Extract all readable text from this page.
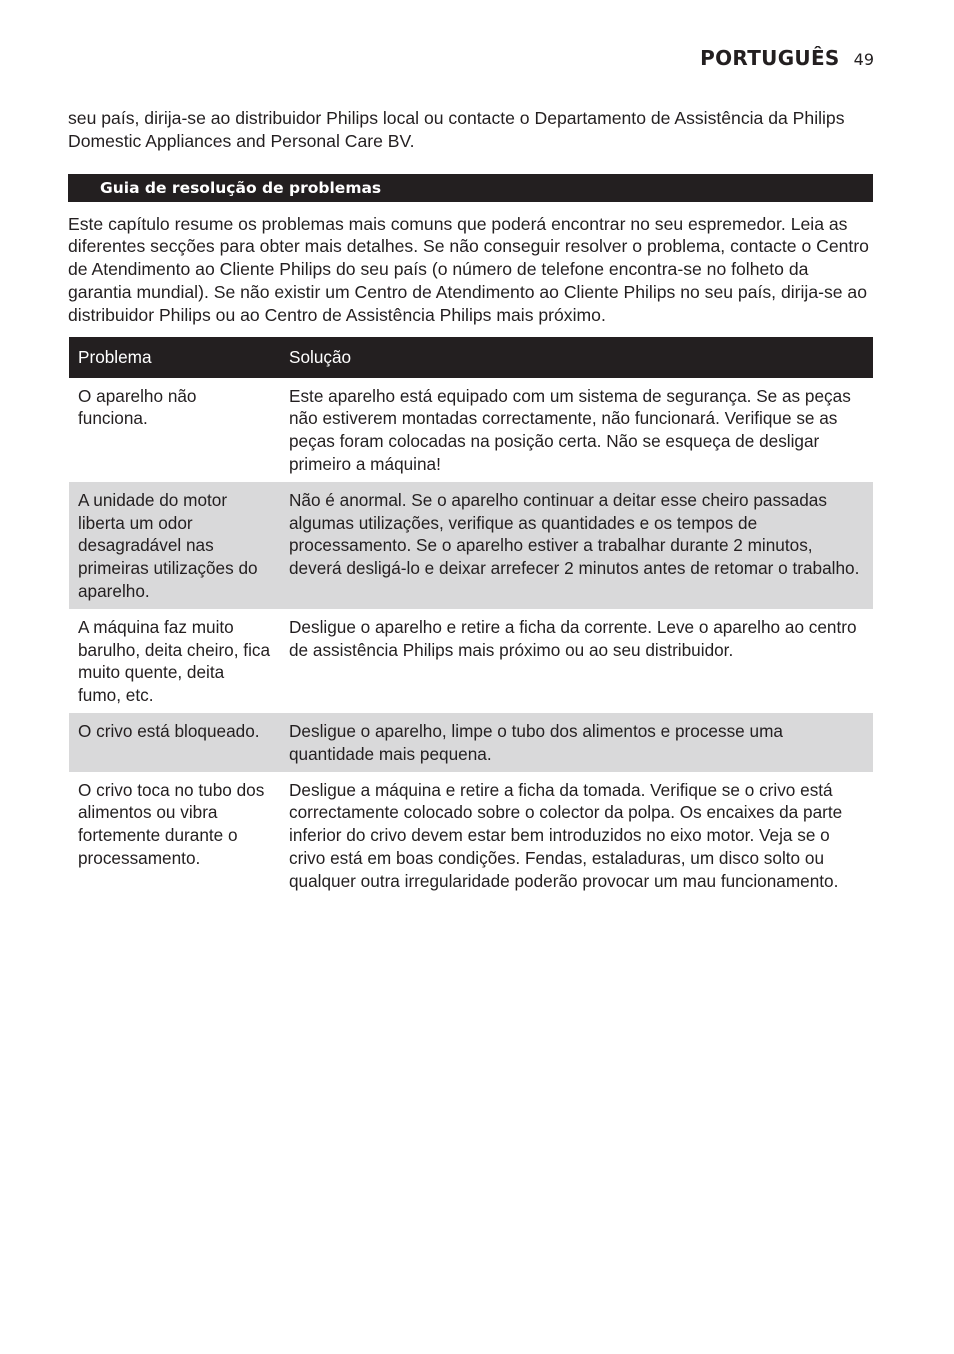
PORTUGUÊS 49

seu país, dirija-se ao distribuidor Philips local ou contacte o Departamento de Assistência da Philips Domestic Appliances and Personal Care BV.

Guia de resolução de problemas

Este capítulo resume os problemas mais comuns que poderá encontrar no seu espremedor. Leia as diferentes secções para obter mais detalhes. Se não conseguir resolver o problema, contacte o Centro de Atendimento ao Cliente Philips do seu país (o número de telefone encontra-se no folheto da garantia mundial). Se não existir um Centro de Atendimento ao Cliente Philips no seu país, dirija-se ao distribuidor Philips ou ao Centro de Assistência Philips mais próximo.

Problema	Solução
O aparelho não funciona.	Este aparelho está equipado com um sistema de segurança. Se as peças não estiverem montadas correctamente, não funcionará. Verifique se as peças foram colocadas na posição certa. Não se esqueça de desligar primeiro a máquina!
A unidade do motor liberta um odor desagradável nas primeiras utilizações do aparelho.	Não é anormal. Se o aparelho continuar a deitar esse cheiro passadas algumas utilizações, verifique as quantidades e os tempos de processamento. Se o aparelho estiver a trabalhar durante 2 minutos, deverá desligá-lo e deixar arrefecer 2 minutos antes de retomar o trabalho.
A máquina faz muito barulho, deita cheiro, fica muito quente, deita fumo, etc.	Desligue o aparelho e retire a ficha da corrente. Leve o aparelho ao centro de assistência Philips mais próximo ou ao seu distribuidor.
O crivo está bloqueado.	Desligue o aparelho, limpe o tubo dos alimentos e processe uma quantidade mais pequena.
O crivo toca no tubo dos alimentos ou vibra fortemente durante o processamento.	Desligue a máquina e retire a ficha da tomada. Verifique se o crivo está correctamente colocado sobre o colector da polpa. Os encaixes da parte inferior do crivo devem estar bem introduzidos no eixo motor. Veja se o crivo está em boas condições. Fendas, estaladuras, um disco solto ou qualquer outra irregularidade poderão provocar um mau funcionamento.
